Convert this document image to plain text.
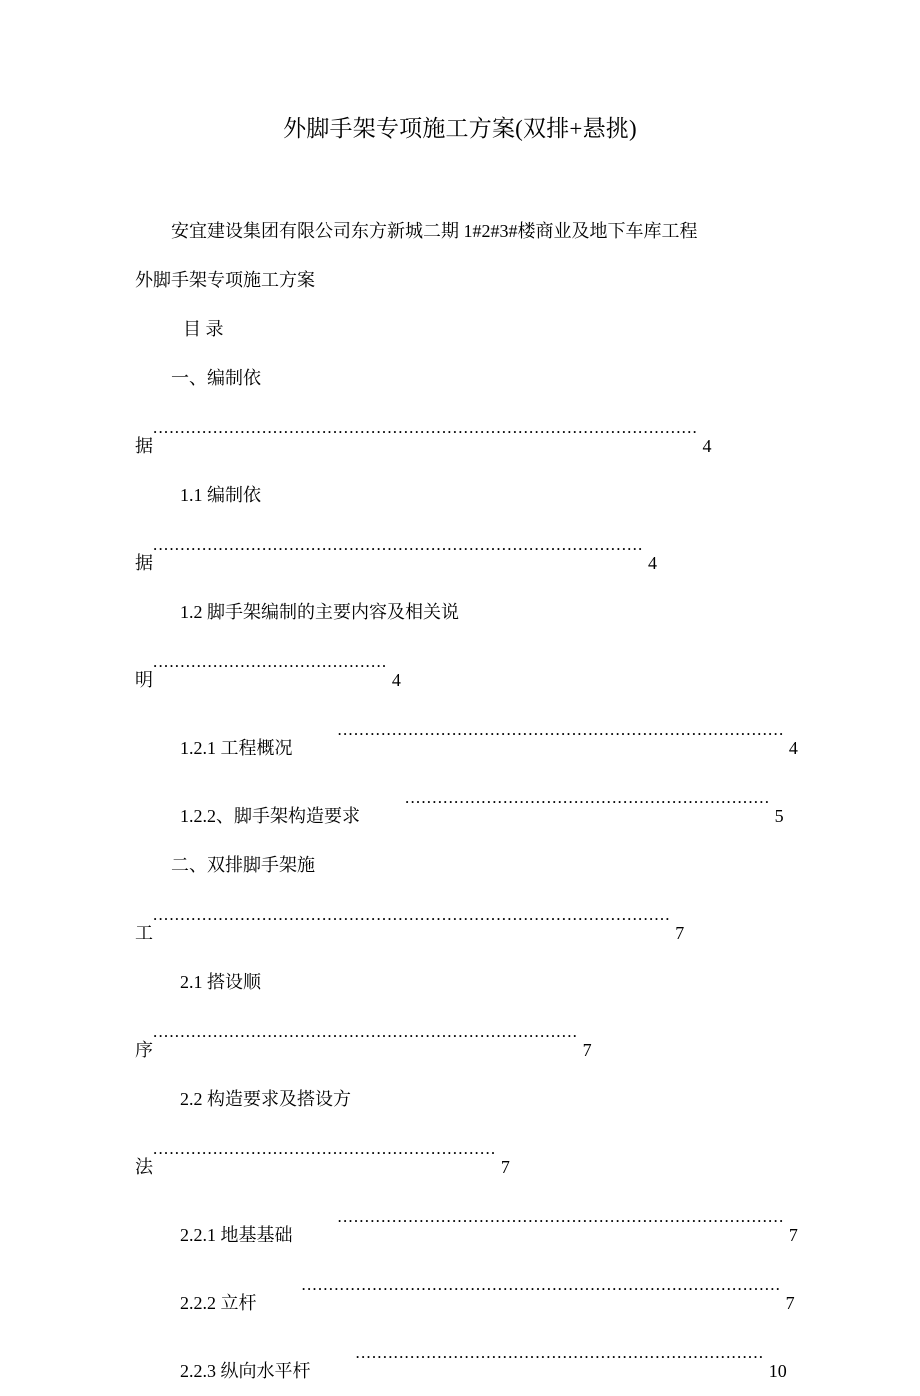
外脚手架专项施工方案(双排+悬挑)
安宜建设集团有限公司东方新城二期 1#2#3#楼商业及地下车库工程
外脚手架专项施工方案
目 录
一、编制依
据.................................................................................................... 4
1.1 编制依
据.......................................................................................... 4
1.2 脚手架编制的主要内容及相关说
明........................................... 4
1.2.1 工程概况.................................................................................. 4
1.2.2、脚手架构造要求................................................................... 5
二、双排脚手架施
工............................................................................................... 7
2.1 搭设顺
序.............................................................................. 7
2.2 构造要求及搭设方
法............................................................... 7
2.2.1 地基基础.................................................................................. 7
2.2.2 立杆........................................................................................ 7
2.2.3 纵向水平杆........................................................................... 10
